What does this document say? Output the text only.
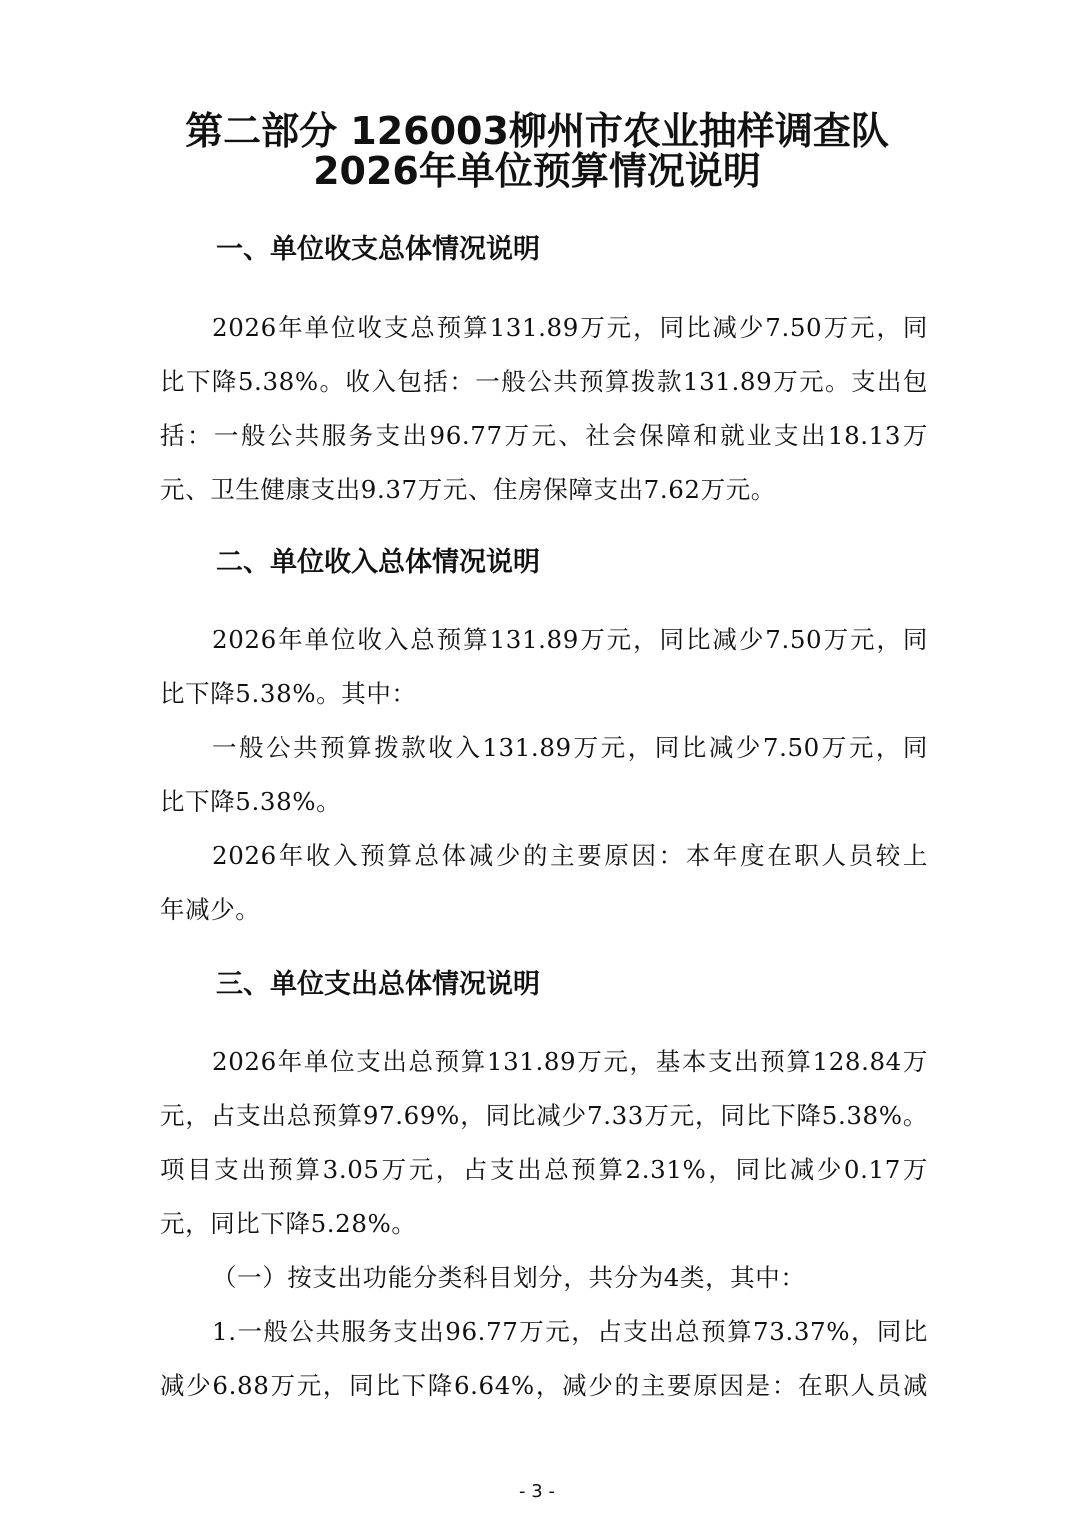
第二部分 126003柳州市农业抽样调查队
2026年单位预算情况说明
一、单位收支总体情况说明
2026年单位收支总预算131.89万元，同比减少7.50万元，同
比下降5.38%。收入包括：一般公共预算拨款131.89万元。支出包
括：一般公共服务支出96.77万元、社会保障和就业支出18.13万
元、卫生健康支出9.37万元、住房保障支出7.62万元。
二、单位收入总体情况说明
2026年单位收入总预算131.89万元，同比减少7.50万元，同
比下降5.38%。其中：
一般公共预算拨款收入131.89万元，同比减少7.50万元，同
比下降5.38%。
2026年收入预算总体减少的主要原因：本年度在职人员较上
年减少。
三、单位支出总体情况说明
2026年单位支出总预算131.89万元，基本支出预算128.84万
元，占支出总预算97.69%，同比减少7.33万元，同比下降5.38%。
项目支出预算3.05万元，占支出总预算2.31%，同比减少0.17万
元，同比下降5.28%。
（一）按支出功能分类科目划分，共分为4类，其中：
1.一般公共服务支出96.77万元，占支出总预算73.37%，同比
减少6.88万元，同比下降6.64%，减少的主要原因是：在职人员减
- 3 -
